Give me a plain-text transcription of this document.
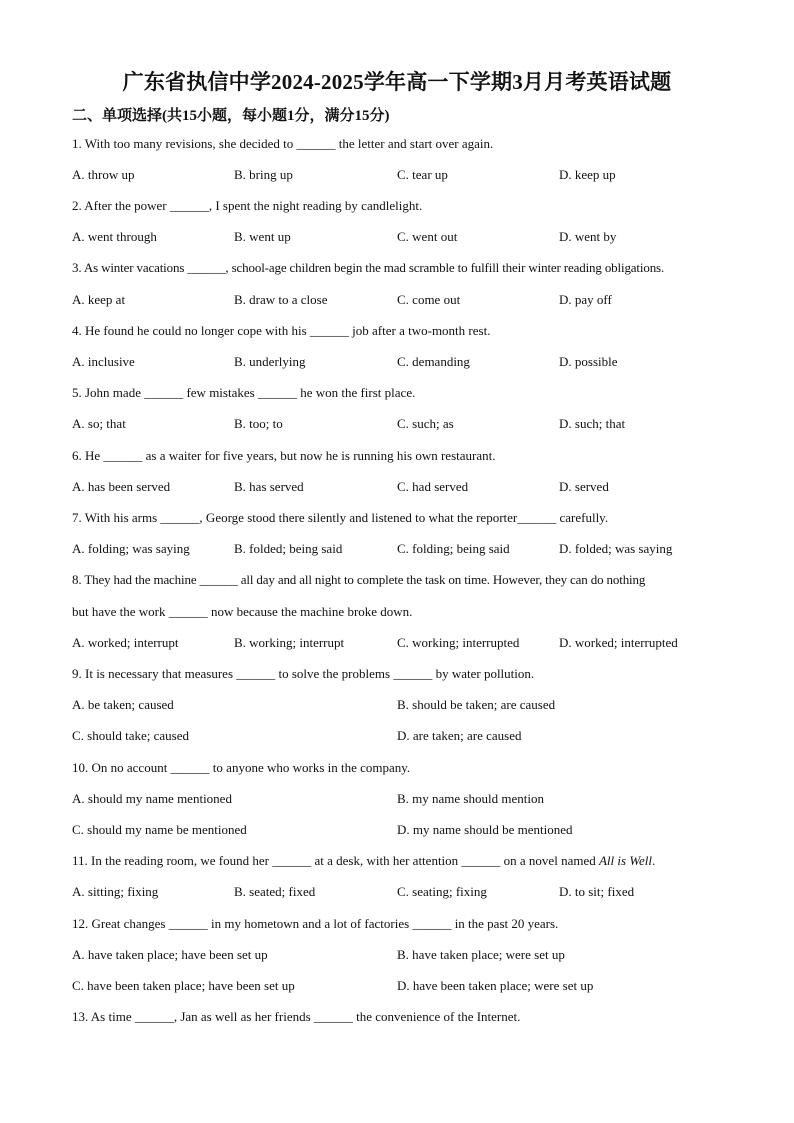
广东省执信中学2024-2025学年高一下学期3月月考英语试题
二、单项选择(共15小题，每小题1分，满分15分)
1. With too many revisions, she decided to ______ the letter and start over again.
A. throw up	B. bring up	C. tear up	D. keep up
2. After the power ______, I spent the night reading by candlelight.
A. went through	B. went up	C. went out	D. went by
3. As winter vacations ______, school-age children begin the mad scramble to fulfill their winter reading obligations.
A. keep at	B. draw to a close	C. come out	D. pay off
4. He found he could no longer cope with his ______ job after a two-month rest.
A. inclusive	B. underlying	C. demanding	D. possible
5. John made ______ few mistakes ______ he won the first place.
A. so; that	B. too; to	C. such; as	D. such; that
6. He ______ as a waiter for five years, but now he is running his own restaurant.
A. has been served	B. has served	C. had served	D. served
7. With his arms ______, George stood there silently and listened to what the reporter______ carefully.
A. folding; was saying	B. folded; being said	C. folding; being said	D. folded; was saying
8. They had the machine ______ all day and all night to complete the task on time. However, they can do nothing
but have the work ______ now because the machine broke down.
A. worked; interrupt	B. working; interrupt	C. working; interrupted	D. worked; interrupted
9. It is necessary that measures ______ to solve the problems ______ by water pollution.
A. be taken; caused	B. should be taken; are caused
C. should take; caused	D. are taken; are caused
10. On no account ______ to anyone who works in the company.
A. should my name mentioned	B. my name should mention
C. should my name be mentioned	D. my name should be mentioned
11. In the reading room, we found her ______ at a desk, with her attention ______ on a novel named All is Well.
A. sitting; fixing	B. seated; fixed	C. seating; fixing	D. to sit; fixed
12. Great changes ______ in my hometown and a lot of factories ______ in the past 20 years.
A. have taken place; have been set up	B. have taken place; were set up
C. have been taken place; have been set up	D. have been taken place; were set up
13. As time ______, Jan as well as her friends ______ the convenience of the Internet.
